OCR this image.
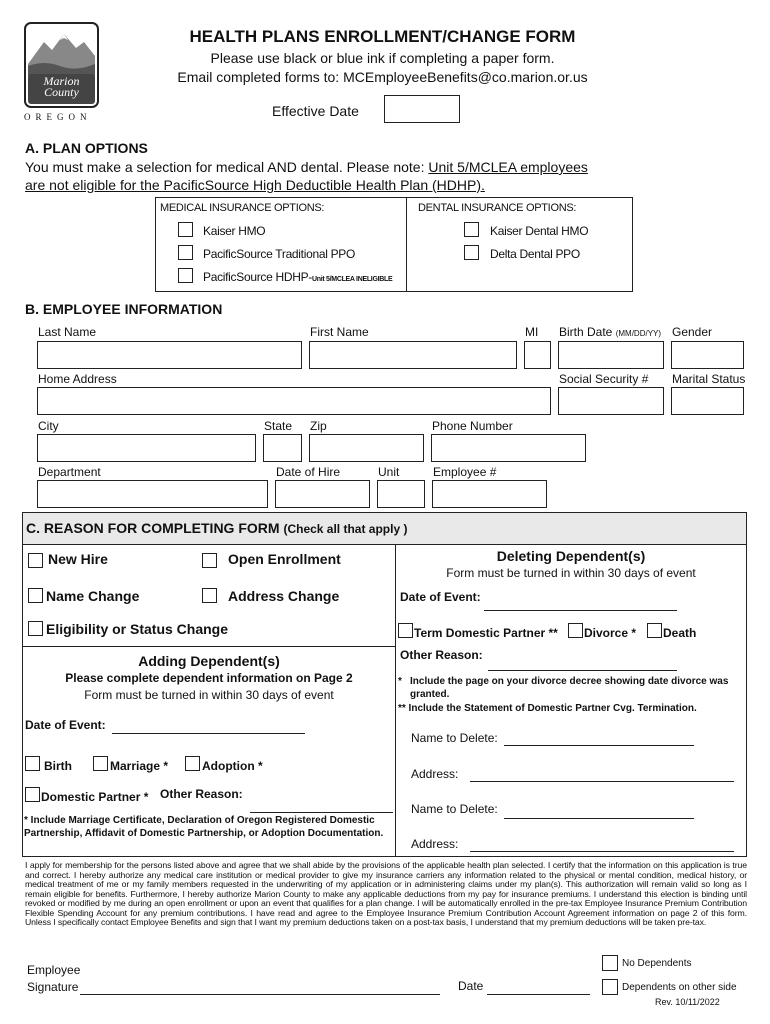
Marion
County
OREGON
HEALTH PLANS ENROLLMENT/CHANGE FORM
Please use black or blue ink if completing a paper form.
Email completed forms to: MCEmployeeBenefits@co.marion.or.us
Effective Date
A. PLAN OPTIONS
You must make a selection for medical AND dental. Please note: Unit 5/MCLEA employees
are not eligible for the PacificSource High Deductible Health Plan (HDHP).
MEDICAL INSURANCE OPTIONS:	DENTAL INSURANCE OPTIONS:
Kaiser HMO
PacificSource Traditional PPO
PacificSource HDHP-Unit 5/MCLEA INELIGIBLE
Kaiser Dental HMO
Delta Dental PPO
B. EMPLOYEE INFORMATION
Last Name	First Name	MI Birth Date (MM/DD/YY) Gender
Home Address	Social Security # Marital Status
City	State Zip	Phone Number
Department	Date of Hire	Unit	Employee #
C. REASON FOR COMPLETING FORM (Check all that apply )
New Hire	Open Enrollment
Name Change	Address Change
Eligibility or Status Change
Adding Dependent(s)
Please complete dependent information on Page 2
Form must be turned in within 30 days of event
Date of Event:
Birth	Marriage *	Adoption *
Domestic Partner * Other Reason:
* Include Marriage Certificate, Declaration of Oregon Registered Domestic Partnership, Affidavit of Domestic Partnership, or Adoption Documentation.
Deleting Dependent(s)
Form must be turned in within 30 days of event
Date of Event:
Term Domestic Partner ** Divorce * Death
Other Reason:
* Include the page on your divorce decree showing date divorce was granted.
** Include the Statement of Domestic Partner Cvg. Termination.
Name to Delete:
Address:
Name to Delete:
Address:
I apply for membership for the persons listed above and agree that we shall abide by the provisions of the applicable health plan selected. I certify that the information on this application is true and correct. I hereby authorize any medical care institution or medical provider to give my insurance carriers any information related to the physical or mental condition, medical history, or medical treatment of me or my family members requested in the underwriting of my application or in administering claims under my plan(s). This authorization will remain valid so long as I remain eligible for benefits. Furthermore, I hereby authorize Marion County to make any applicable deductions from my pay for insurance premiums. I understand this election is binding until revoked or modified by me during an open enrollment or upon an event that qualifies for a plan change. I will be automatically enrolled in the pre-tax Employee Insurance Premium Contribution Flexible Spending Account for any premium contributions. I have read and agree to the Employee Insurance Premium Contribution Account Agreement information on page 2 of this form. Unless I specifically contact Employee Benefits and sign that I want my premium deductions taken on a post-tax basis, I understand that my premium deductions will be taken pre-tax.
Employee
Signature	Date
No Dependents
Dependents on other side
Rev. 10/11/2022
